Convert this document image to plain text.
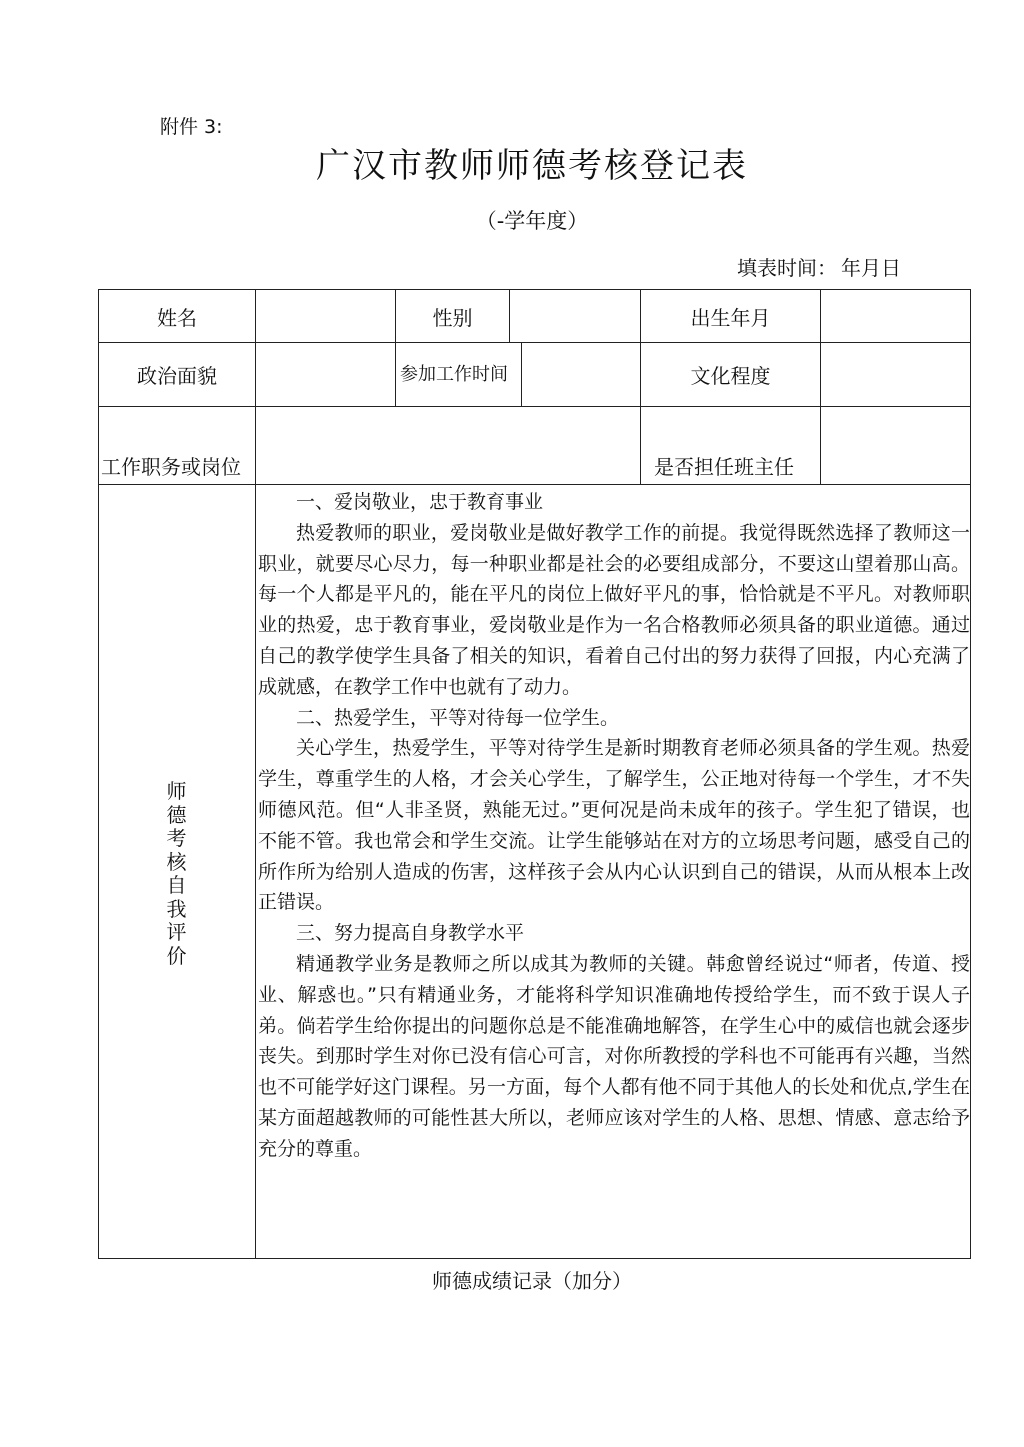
附件 3:
广汉市教师师德考核登记表
（-学年度）
填表时间： 年月日
姓名	性别	出生年月
政治面貌	参加工作时间	文化程度
工作职务或岗位	是否担任班主任
师
德
考
核
自
我
评
价

一、爱岗敬业，忠于教育事业

热爱教师的职业，爱岗敬业是做好教学工作的前提。我觉得既然选择了教师这一职业，就要尽心尽力，每一种职业都是社会的必要组成部分，不要这山望着那山高。每一个人都是平凡的，能在平凡的岗位上做好平凡的事，恰恰就是不平凡。对教师职业的热爱，忠于教育事业，爱岗敬业是作为一名合格教师必须具备的职业道德。通过自己的教学使学生具备了相关的知识，看着自己付出的努力获得了回报，内心充满了成就感，在教学工作中也就有了动力。

二、热爱学生，平等对待每一位学生。

关心学生，热爱学生，平等对待学生是新时期教育老师必须具备的学生观。热爱学生，尊重学生的人格，才会关心学生，了解学生，公正地对待每一个学生，才不失师德风范。但“人非圣贤，熟能无过。”更何况是尚未成年的孩子。学生犯了错误，也不能不管。我也常会和学生交流。让学生能够站在对方的立场思考问题，感受自己的所作所为给别人造成的伤害，这样孩子会从内心认识到自己的错误，从而从根本上改正错误。

三、努力提高自身教学水平

精通教学业务是教师之所以成其为教师的关键。韩愈曾经说过“师者，传道、授业、解惑也。”只有精通业务，才能将科学知识准确地传授给学生，而不致于误人子弟。倘若学生给你提出的问题你总是不能准确地解答，在学生心中的威信也就会逐步丧失。到那时学生对你已没有信心可言，对你所教授的学科也不可能再有兴趣，当然也不可能学好这门课程。另一方面，每个人都有他不同于其他人的长处和优点,学生在某方面超越教师的可能性甚大所以，老师应该对学生的人格、思想、情感、意志给予充分的尊重。

师德成绩记录（加分）
